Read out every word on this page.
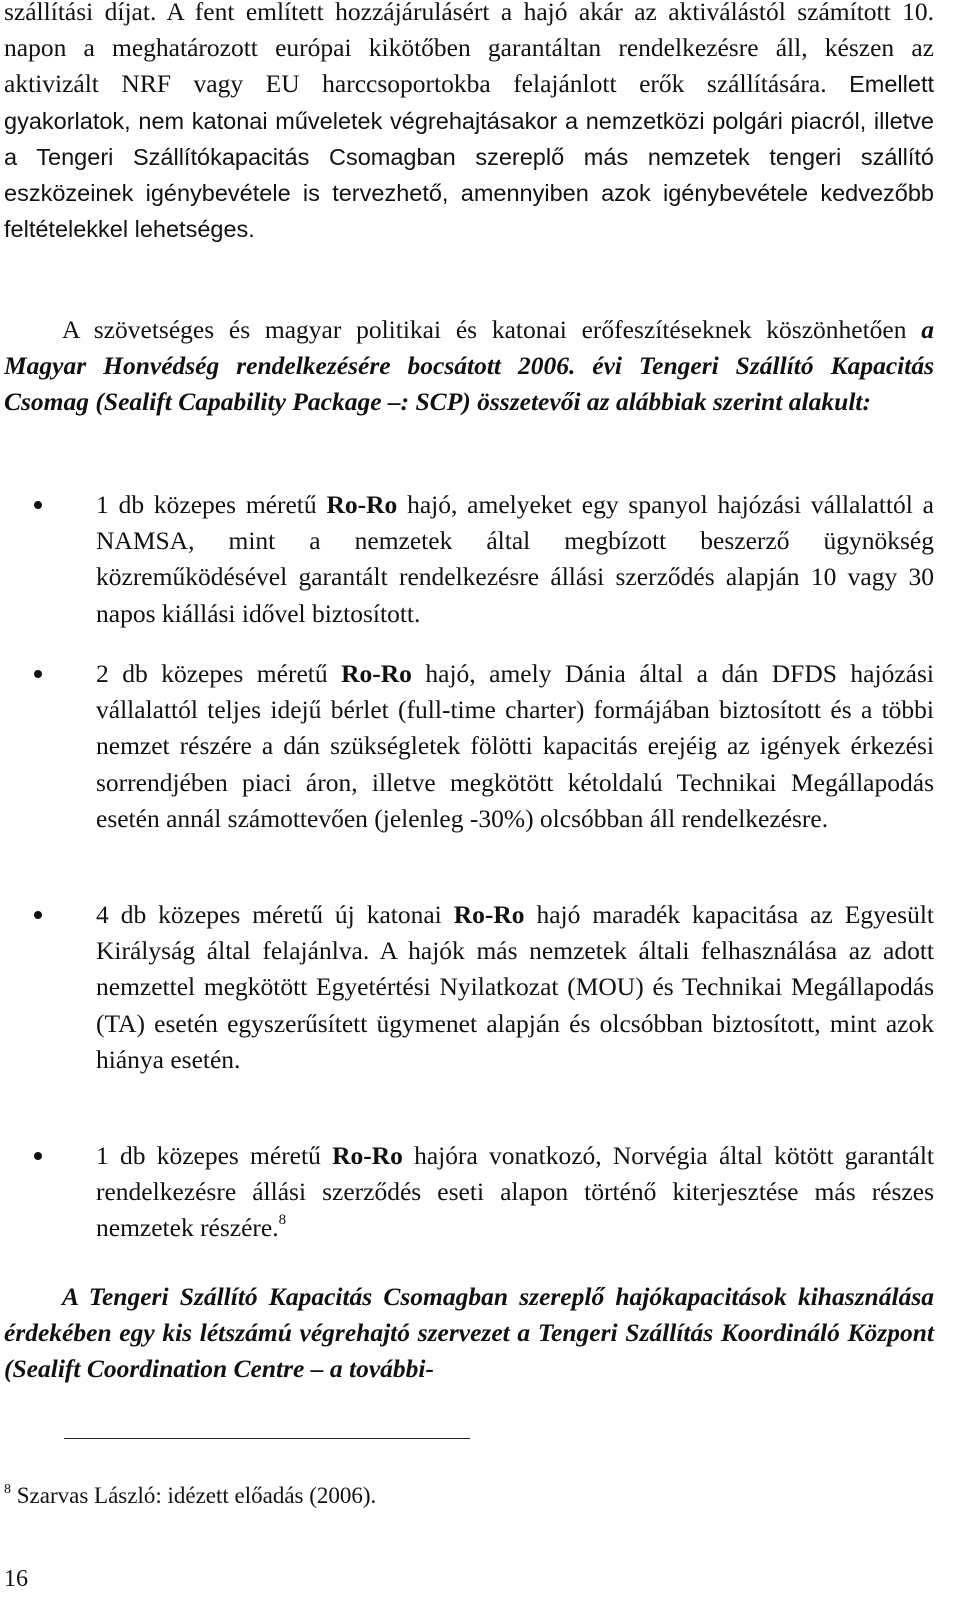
szállítási díjat. A fent említett hozzájárulásért a hajó akár az aktiválástól számított 10. napon a meghatározott európai kikötőben garantáltan rendelkezésre áll, készen az aktivizált NRF vagy EU harccsoportokba felajánlott erők szállítására. Emellett gyakorlatok, nem katonai műveletek végrehajtásakor a nemzetközi polgári piacról, illetve a Tengeri Szállítókapacitás Csomagban szereplő más nemzetek tengeri szállító eszközeinek igénybevétele is tervezhető, amennyiben azok igénybevétele kedvezőbb feltételekkel lehetséges.

A szövetséges és magyar politikai és katonai erőfeszítéseknek köszönhetően a Magyar Honvédség rendelkezésére bocsátott 2006. évi Tengeri Szállító Kapacitás Csomag (Sealift Capability Package –: SCP) összetevői az alábbiak szerint alakult:

1 db közepes méretű Ro-Ro hajó, amelyeket egy spanyol hajózási vállalattól a NAMSA, mint a nemzetek által megbízott beszerző ügynökség közreműködésével garantált rendelkezésre állási szerződés alapján 10 vagy 30 napos kiállási idővel biztosított.
2 db közepes méretű Ro-Ro hajó, amely Dánia által a dán DFDS hajózási vállalattól teljes idejű bérlet (full-time charter) formájában biztosított és a többi nemzet részére a dán szükségletek fölötti kapacitás erejéig az igények érkezési sorrendjében piaci áron, illetve megkötött kétoldalú Technikai Megállapodás esetén annál számottevően (jelenleg -30%) olcsóbban áll rendelkezésre.
4 db közepes méretű új katonai Ro-Ro hajó maradék kapacitása az Egyesült Királyság által felajánlva. A hajók más nemzetek általi felhasználása az adott nemzettel megkötött Egyetértési Nyilatkozat (MOU) és Technikai Megállapodás (TA) esetén egyszerűsített ügymenet alapján és olcsóbban biztosított, mint azok hiánya esetén.
1 db közepes méretű Ro-Ro hajóra vonatkozó, Norvégia által kötött garantált rendelkezésre állási szerződés eseti alapon történő kiterjesztése más részes nemzetek részére.$^8$

A Tengeri Szállító Kapacitás Csomagban szereplő hajókapacitások kihasználása érdekében egy kis létszámú végrehajtó szervezet a Tengeri Szállítás Koordináló Központ (Sealift Coordination Centre – a további-

$^8$ Szarvas László: idézett előadás (2006).
16
